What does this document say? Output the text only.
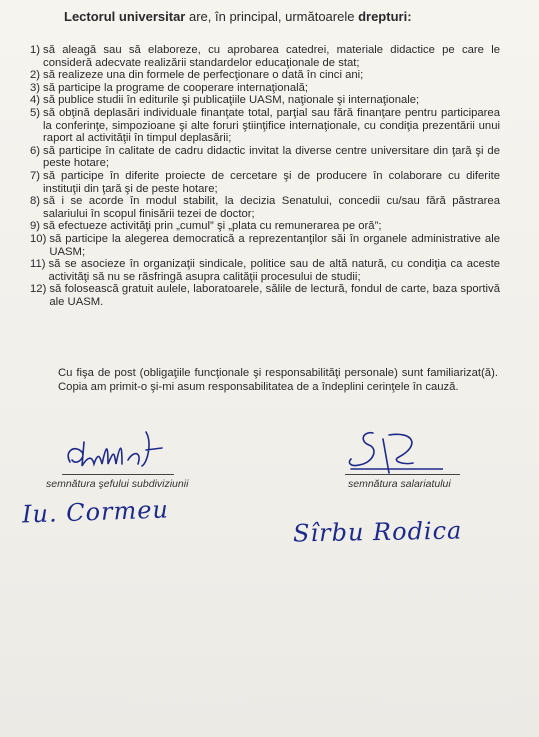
Lectorul universitar are, în principal, următoarele drepturi:
1) să aleagă sau să elaboreze, cu aprobarea catedrei, materiale didactice pe care le consideră adecvate realizării standardelor educaţionale de stat;
2) să realizeze una din formele de perfecţionare o dată în cinci ani;
3) să participe la programe de cooperare internaţională;
4) să publice studii în editurile şi publicaţiile UASM, naţionale şi internaţionale;
5) să obţină deplasări individuale finanţate total, parţial sau fără finanţare pentru participarea la conferinţe, simpozioane şi alte foruri ştiinţifice internaţionale, cu condiţia prezentării unui raport al activităţii în timpul deplasării;
6) să participe în calitate de cadru didactic invitat la diverse centre universitare din ţară şi de peste hotare;
7) să participe în diferite proiecte de cercetare şi de producere în colaborare cu diferite instituţii din ţară şi de peste hotare;
8) să i se acorde în modul stabilit, la decizia Senatului, concedii cu/sau fără păstrarea salariului în scopul finisării tezei de doctor;
9) să efectueze activităţi prin „cumul” şi „plata cu remunerarea pe oră”;
10) să participe la alegerea democratică a reprezentanţilor săi în organele administrative ale UASM;
11) să se asocieze în organizaţii sindicale, politice sau de altă natură, cu condiţia ca aceste activităţi să nu se răsfringă asupra calităţii procesului de studii;
12) să folosească gratuit aulele, laboratoarele, sălile de lectură, fondul de carte, baza sportivă ale UASM.
Cu fişa de post (obligaţiile funcţionale şi responsabilităţi personale) sunt familiarizat(ă). Copia am primit-o şi-mi asum responsabilitatea de a îndeplini cerinţele în cauză.
semnătura şefului subdiviziunii	semnătura salariatului
Iu. Cormeu
Sîrbu Rodica
